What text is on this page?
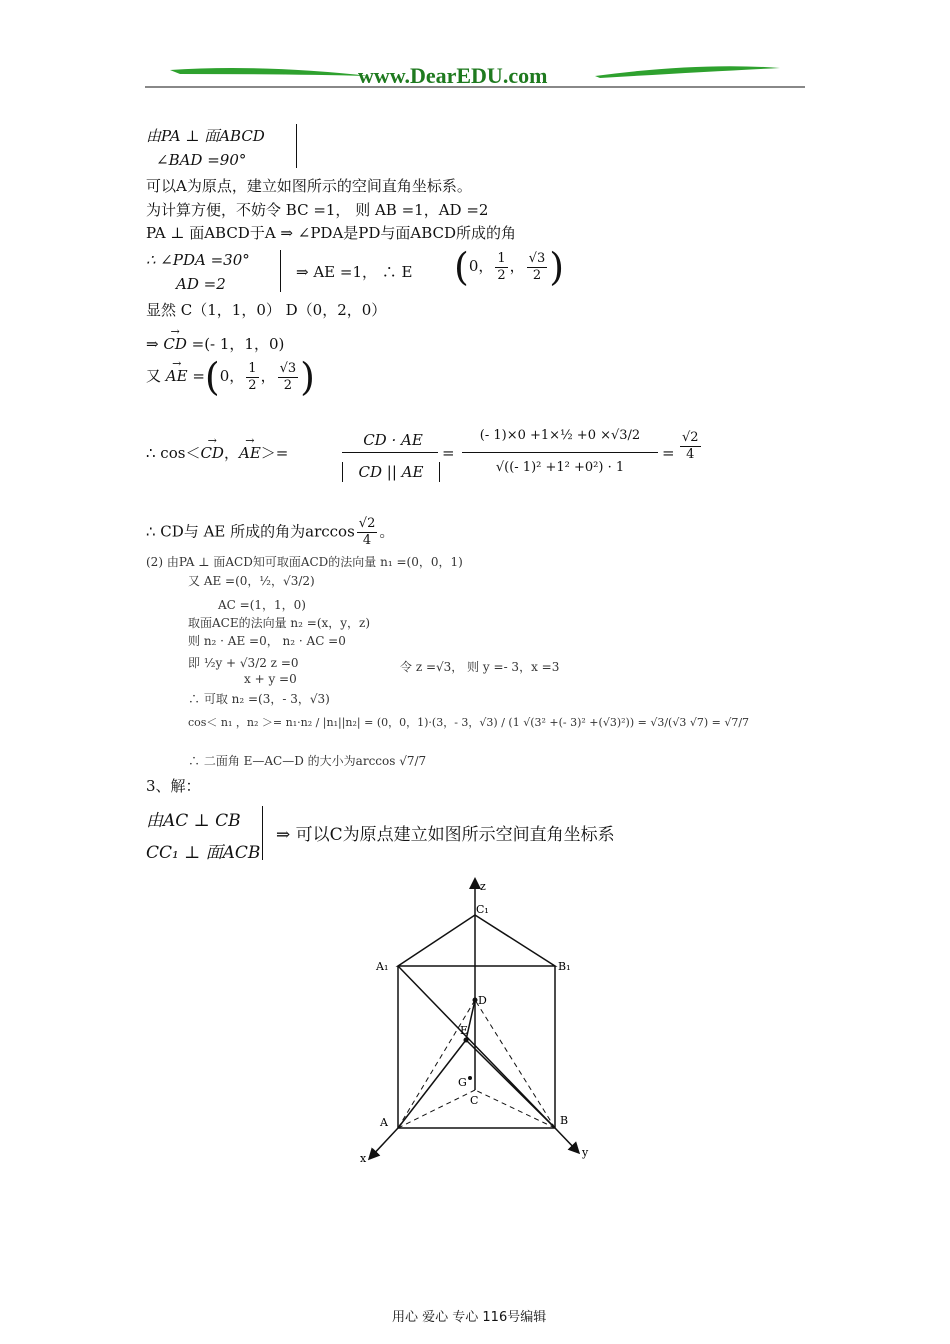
www.DearEDU.com
由PA ⊥ 面ABCD
∠BAD =90°
可以A为原点，建立如图所示的空间直角坐标系。
为计算方便，不妨令 BC =1， 则 AB =1，AD =2
PA ⊥ 面ABCD于A ⇒ ∠PDA是PD与面ABCD所成的角
∴ ∠PDA =30°
AD =2
⇒ AE =1， ∴ E (0， $\frac{1}{2}$ ， $\frac{√3}{2}$ )
显然 C（1，1，0） D（0，2，0）
⇒ → CD =(- 1，1，0)
又 → AE =(0， $\frac{1}{2}$ ， $\frac{√3}{2}$ )
∴ cos＜→ CD，→ AE＞=
CD · AE
CD || AE
=
(- 1)×0 +1×½ +0 ×√3/2
√((- 1)² +1² +0²) · 1
= $\frac{√2}{4}$
∴ CD与 AE 所成的角为$\arccos \frac{√2}{4}$ 。
(2) 由PA ⊥ 面ACD知可取面ACD的法向量 n₁ =(0，0，1)
又 AE =(0，½，√3/2)
AC =(1，1，0)
取面ACE的法向量 n₂ =(x，y，z)
则 n₂ · AE =0， n₂ · AC =0
即 ½y + √3/2 z =0
x + y =0
令 z =√3， 则 y =- 3，x =3
∴ 可取 n₂ =(3，- 3，√3)
cos＜ n₁ ，n₂ ＞= n₁·n₂ / |n₁||n₂| = (0，0，1)·(3，- 3，√3) / (1 √(3² +(- 3)² +(√3)²)) = √3/(√3 √7) = √7/7
∴ 二面角 E—AC—D 的大小为arccos √7/7
3、解：
由AC ⊥ CB
CC₁ ⊥ 面ACB
⇒ 可以C为原点建立如图所示空间直角坐标系
z
C₁
A₁	B₁
D
E
G
C
A	B
x	y
用心 爱心 专心 116号编辑
